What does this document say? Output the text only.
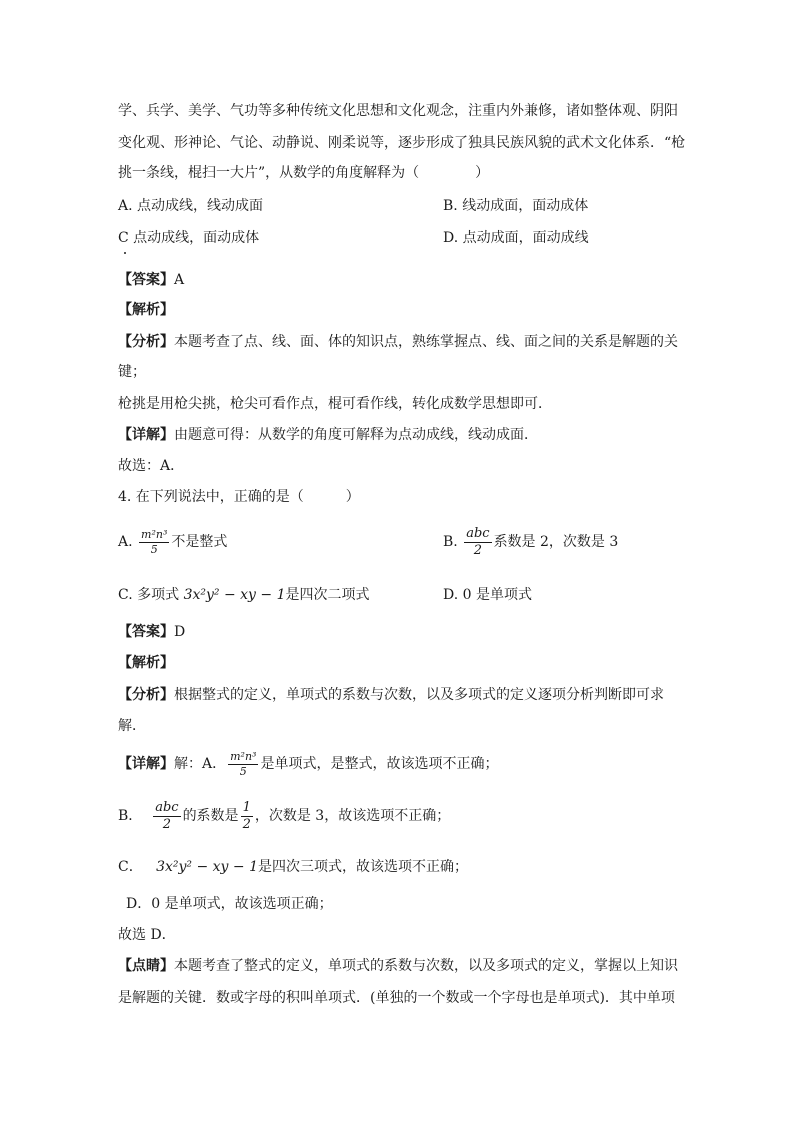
学、兵学、美学、气功等多种传统文化思想和文化观念，注重内外兼修，诸如整体观、阴阳
变化观、形神论、气论、动静说、刚柔说等，逐步形成了独具民族风貌的武术文化体系．“枪
挑一条线，棍扫一大片”，从数学的角度解释为（　　　　）
A. 点动成线，线动成面	B. 线动成面，面动成体
C 点动成线，面动成体	D. 点动成面，面动成线
【答案】A
【解析】
【分析】本题考查了点、线、面、体的知识点，熟练掌握点、线、面之间的关系是解题的关
键；
枪挑是用枪尖挑，枪尖可看作点，棍可看作线，转化成数学思想即可．
【详解】由题意可得：从数学的角度可解释为点动成线，线动成面．
故选：A．
4. 在下列说法中，正确的是（　　　）
A. $\frac{\text{m²n³}}{5}$ 不是整式	B. $\frac{\text{abc}}{2}$ 系数是 2，次数是 3
C. 多项式 3x²y² − xy − 1是四次二项式	D. 0 是单项式
【答案】D
【解析】
【分析】根据整式的定义，单项式的系数与次数，以及多项式的定义逐项分析判断即可求
解．
【详解】解：A． $\frac{\text{m²n³}}{5}$ 是单项式，是整式，故该选项不正确；
B． $\frac{\text{abc}}{2}$ 的系数是 $\frac{1}{2}$ ，次数是 3，故该选项不正确；
C． 3x²y² − xy − 1是四次三项式，故该选项不正确；
D．0 是单项式，故该选项正确；
故选 D．
【点睛】本题考查了整式的定义，单项式的系数与次数，以及多项式的定义，掌握以上知识
是解题的关键．数或字母的积叫单项式．(单独的一个数或一个字母也是单项式)．其中单项
